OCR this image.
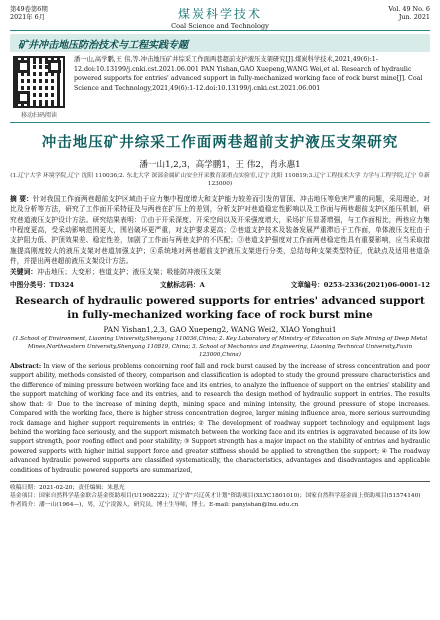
第49卷第6期
2021年 6月	煤炭科学技术
Coal Science and Technology
Vol. 49 No. 6
Jun. 2021
矿井冲击地压防治技术与工程实践专题
移动扫码阅读
潘一山,高学鹏,王 伟,等.冲击地压矿井综采工作面两巷超前支护液压支架研究[J].煤炭科学技术,2021,49(6):1-12.doi:10.13199/j.cnki.cst.2021.06.001 PAN Yishan,GAO Xuepeng,WANG Wei,et al. Research of hydraulic powered supports for entries' advanced support in fully-mechanized working face of rock burst mine[J]. Coal Science and Technology,2021,49(6):1-12.doi:10.13199/j.cnki.cst.2021.06.001
冲击地压矿井综采工作面两巷超前支护液压支架研究
潘一山1,2,3，高学鹏1，王 伟2，肖永惠1
(1.辽宁大学 环境学院,辽宁 沈阳 110036;2. 东北大学 深部金属矿山安全开采教育部重点实验室,辽宁 沈阳 110819;3.辽宁工程技术大学 力学与工程学院,辽宁 阜新 123000)
摘 要：针对我国工作面两巷超前支护区域由于应力集中程度增大和支护能力较差而引发的冒顶、冲击地压等危害严重的问题，采用理论、对比及分析等方法，研究了工作面开采特征及与两巷在扩压上的差别，分析支护对巷道稳定性影响以及工作面与两巷超前支护区能压机制，研究巷道液压支护设计方法。研究结果表明：①由于开采深度、开采空间以及开采强度增大，采场扩压显著增强，与工作面相比，两巷应力集中程度更高，受采动影响范围更大，围岩破坏更严重，对支护要求更高；②巷道支护技术及装备发展严重滞后于工作面，单体液压支柱由于支护阻力低、护顶效果差、稳定性差，加剧了工作面与两巷支护的不匹配；③巷道支护强度对工作面两巷稳定性具有重要影响，应当采取措施提高刚度较大的液压支架对巷道加强支护；④系统地对两巷超前支护液压支架进行分类，总结每种支架类型特征，优缺点及适用巷道条件，并提出两巷超前液压支架设计方法。
关键词：冲击地压；大变形；巷道支护；液压支架；吸能防冲液压支架
中图分类号：TD324	文献标志码：A	文章编号：0253-2336(2021)06-0001-12
Research of hydraulic powered supports for entries' advanced support in fully-mechanized working face of rock burst mine
PAN Yishan1,2,3, GAO Xuepeng2, WANG Wei2, XIAO Yonghui1
(1.School of Environment, Liaoning University,Shenyang 110036,China; 2. Key Laboratory of Ministry of Education on Safe Mining of Deep Metal Mines,Northeastern University,Shenyang 110819, China; 3. School of Mechanics and Engineering, Liaoning Technical University,Fuxin 123000,China)
Abstract: In view of the serious problems concerning roof fall and rock burst caused by the increase of stress concentration and poor support ability, methods consisted of theory, comparison and classification is adopted to study the ground pressure characteristics and the difference of mining pressure between working face and its entries, to analyze the influence of support on the entries' stability and the support matching of working face and its entries, and to research the design method of hydraulic support in entries. The results show that: ① Due to the increase of mining depth, mining space and mining intensity, the ground pressure of stope increases. Compared with the working face, there is higher stress concentration degree, larger mining influence area, more serious surrounding rock damage and higher support requirements in entries; ② The development of roadway support technology and equipment lags behind the working face seriously, and the support mismatch between the working face and its entries is aggravated because of its low support strength, poor roofing effect and poor stability; ③ Support strength has a major impact on the stability of entries and hydraulic powered supports with higher initial support force and greater stiffness should be applied to strengthen the support; ④ The roadway advanced hydraulic powered supports are classified systematically, the characteristics, advantages and disadvantages and applicable conditions of hydraulic powered supports are summarized,
收稿日期：2021-02-20；责任编辑：朱恩光
基金项目：国家自然科学基金联合基金资助项目(U1908222)；辽宁省"兴辽英才计划"资助项目(XLYC1801010)；国家自然科学基金面上资助项目(51574140)
作者简介：潘一山(1964—)，男，辽宁凌源人，研究员，博士生导师，博士。E-mail: panyishan@lnu.edu.cn
